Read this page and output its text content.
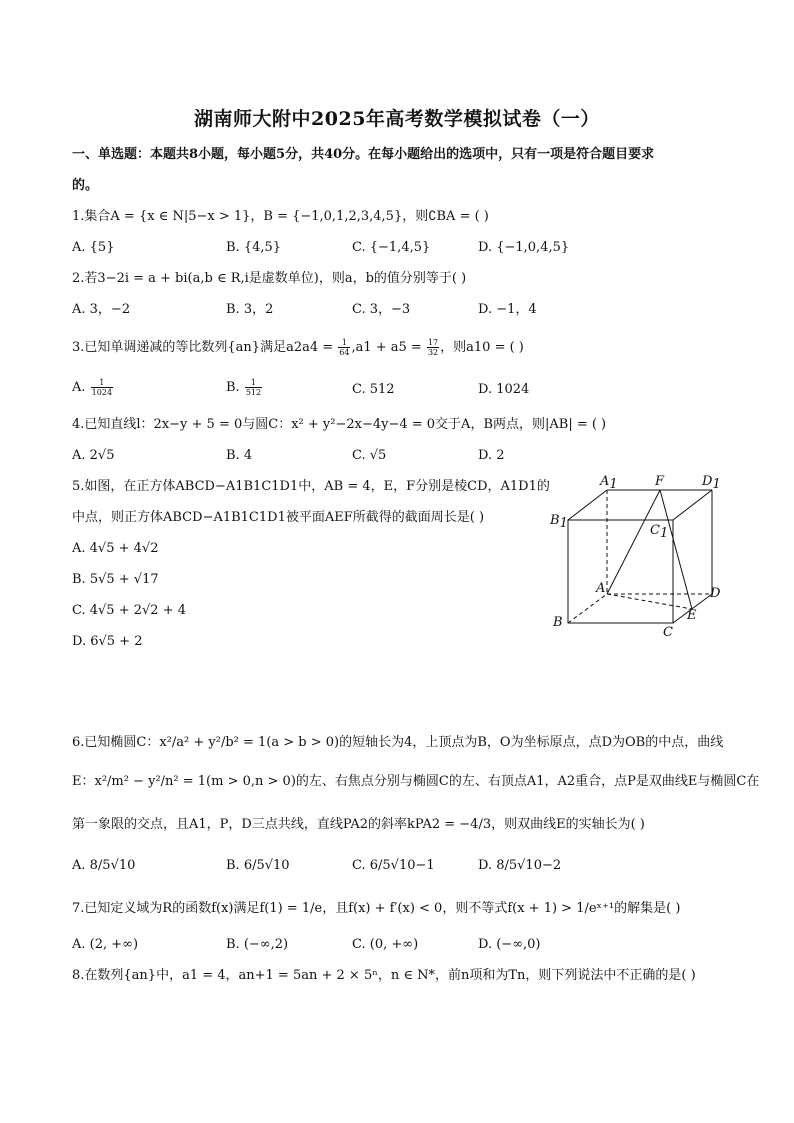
湖南师大附中2025年高考数学模拟试卷（一）
一、单选题：本题共8小题，每小题5分，共40分。在每小题给出的选项中，只有一项是符合题目要求
的。
1.集合A = {x ∈ N|5−x > 1}，B = {−1,0,1,2,3,4,5}，则∁BA = ( )
A. {5}	B. {4,5}	C. {−1,4,5}	D. {−1,0,4,5}
2.若3−2i = a + bi(a,b ∈ R,i是虚数单位)，则a，b的值分别等于( )
A. 3，−2	B. 3，2	C. 3，−3	D. −1，4
3.已知单调递减的等比数列{an}满足$a2a4 = \frac{1}{64} ,a1 + a5 = \frac{17}{32}$ ，则a10 = ( )
A. $\frac{1}{1024}$	B. $\frac{1}{512}$	C. 512	D. 1024
4.已知直线l：2x−y + 5 = 0与圆C：x² + y²−2x−4y−4 = 0交于A，B两点，则|AB| = ( )
A. 2√5	B. 4	C. √5	D. 2
5.如图，在正方体ABCD−A1B1C1D1中，AB = 4，E，F分别是棱CD，A1D1的
中点，则正方体ABCD−A1B1C1D1被平面AEF所截得的截面周长是( )
A. 4√5 + 4√2
B. 5√5 + √17
C. 4√5 + 2√2 + 4
D. 6√5 + 2
A1	F	D1
B1	C1
A	D
B	E
C
6.已知椭圆C：x²/a² + y²/b² = 1(a > b > 0)的短轴长为4，上顶点为B，O为坐标原点，点D为OB的中点，曲线
E：x²/m² − y²/n² = 1(m > 0,n > 0)的左、右焦点分别与椭圆C的左、右顶点A1，A2重合，点P是双曲线E与椭圆C在
第一象限的交点，且A1，P，D三点共线，直线PA2的斜率kPA2 = −4/3，则双曲线E的实轴长为( )
A. 8/5√10	B. 6/5√10	C. 6/5√10−1	D. 8/5√10−2
7.已知定义域为R的函数f(x)满足f(1) = 1/e，且f(x) + f′(x) < 0，则不等式f(x + 1) > 1/eˣ⁺¹的解集是( )
A. (2, +∞)	B. (−∞,2)	C. (0, +∞)	D. (−∞,0)
8.在数列{an}中，a1 = 4，an+1 = 5an + 2 × 5ⁿ，n ∈ N*，前n项和为Tn，则下列说法中不正确的是( )
